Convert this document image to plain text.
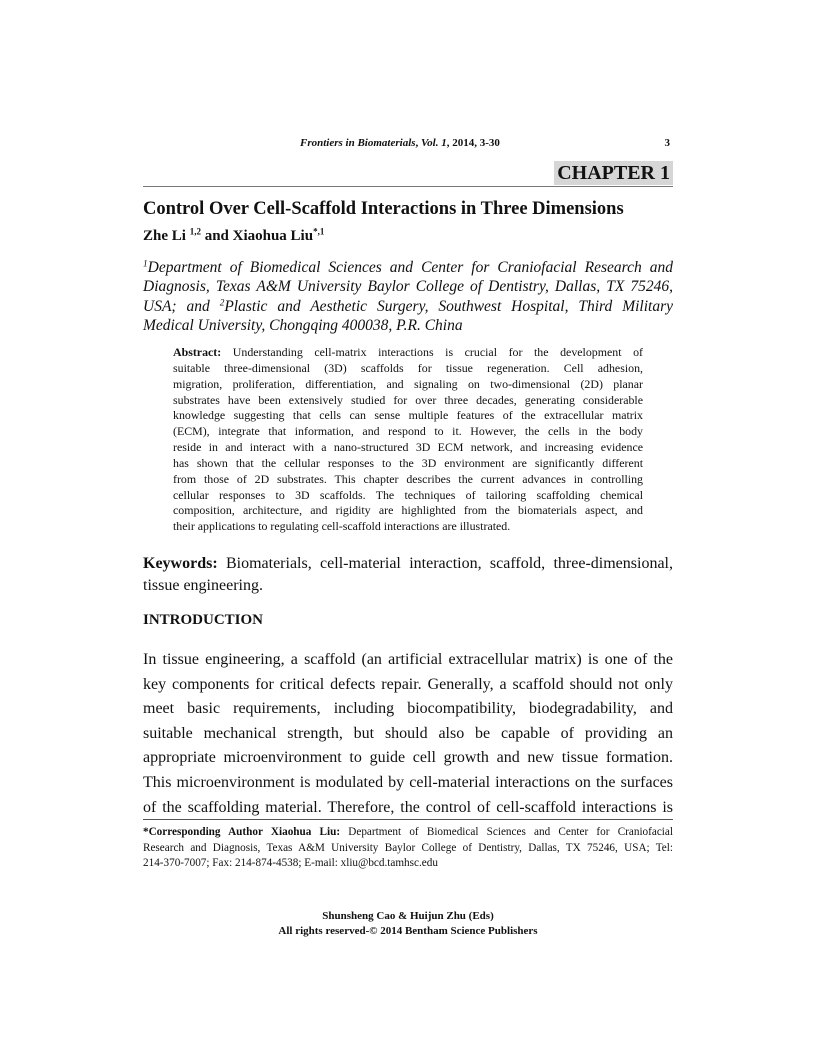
Frontiers in Biomaterials, Vol. 1, 2014, 3-30	3
CHAPTER 1
Control Over Cell-Scaffold Interactions in Three Dimensions
Zhe Li $^{1,2}$ and Xiaohua Liu$^{*,1}$
$^1$Department of Biomedical Sciences and Center for Craniofacial Research and
Diagnosis, Texas A&M University Baylor College of Dentistry, Dallas, TX 75246,
USA; and $^2$Plastic and Aesthetic Surgery, Southwest Hospital, Third Military
Medical University, Chongqing 400038, P.R. China
Abstract: Understanding cell-matrix interactions is crucial for the development of
suitable three-dimensional (3D) scaffolds for tissue regeneration. Cell adhesion,
migration, proliferation, differentiation, and signaling on two-dimensional (2D) planar
substrates have been extensively studied for over three decades, generating considerable
knowledge suggesting that cells can sense multiple features of the extracellular matrix
(ECM), integrate that information, and respond to it. However, the cells in the body
reside in and interact with a nano-structured 3D ECM network, and increasing evidence
has shown that the cellular responses to the 3D environment are significantly different
from those of 2D substrates. This chapter describes the current advances in controlling
cellular responses to 3D scaffolds. The techniques of tailoring scaffolding chemical
composition, architecture, and rigidity are highlighted from the biomaterials aspect, and
their applications to regulating cell-scaffold interactions are illustrated.
Keywords: Biomaterials, cell-material interaction, scaffold, three-dimensional,
tissue engineering.
INTRODUCTION
In tissue engineering, a scaffold (an artificial extracellular matrix) is one of the
key components for critical defects repair. Generally, a scaffold should not only
meet basic requirements, including biocompatibility, biodegradability, and
suitable mechanical strength, but should also be capable of providing an
appropriate microenvironment to guide cell growth and new tissue formation.
This microenvironment is modulated by cell-material interactions on the surfaces
of the scaffolding material. Therefore, the control of cell-scaffold interactions is
*Corresponding Author Xiaohua Liu: Department of Biomedical Sciences and Center for Craniofacial
Research and Diagnosis, Texas A&M University Baylor College of Dentistry, Dallas, TX 75246, USA; Tel:
214-370-7007; Fax: 214-874-4538; E-mail: xliu@bcd.tamhsc.edu
Shunsheng Cao & Huijun Zhu (Eds)
All rights reserved-© 2014 Bentham Science Publishers
